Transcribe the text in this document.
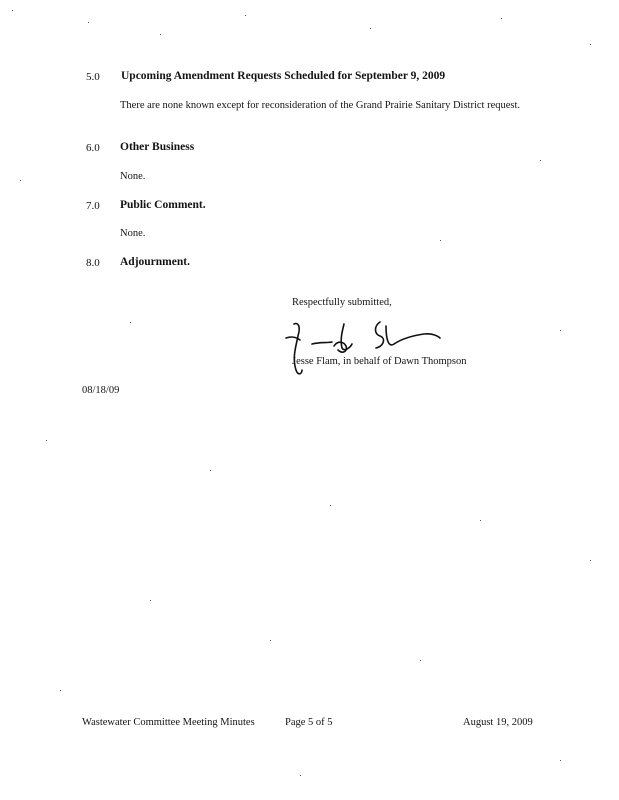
5.0 Upcoming Amendment Requests Scheduled for September 9, 2009
There are none known except for reconsideration of the Grand Prairie Sanitary District request.
6.0 Other Business
None.
7.0 Public Comment.
None.
8.0 Adjournment.
Respectfully submitted,
Jesse Flam, in behalf of Dawn Thompson
08/18/09
Wastewater Committee Meeting Minutes	Page 5 of 5	August 19, 2009
